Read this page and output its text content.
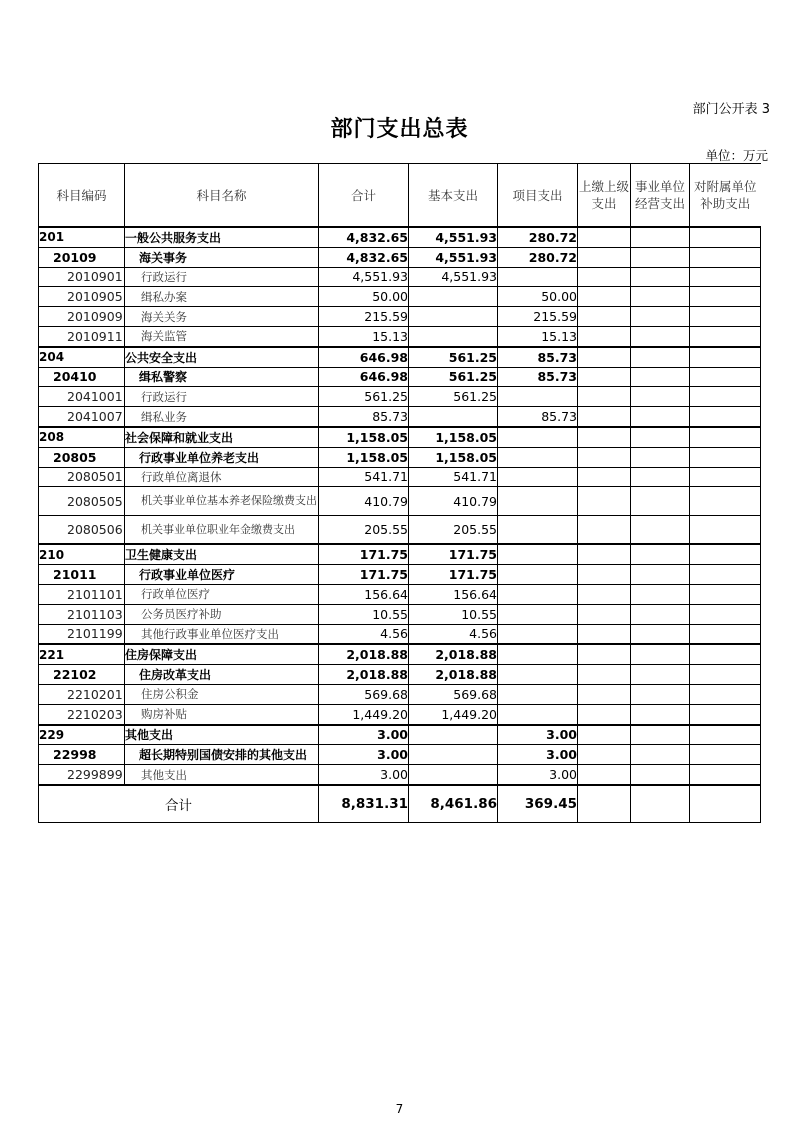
部门公开表 3
部门支出总表
单位：万元
科目编码	科目名称	合计	基本支出	项目支出	上缴上级支出	事业单位经营支出	对附属单位补助支出
201	一般公共服务支出	4,832.65	4,551.93	280.72			
20109	海关事务	4,832.65	4,551.93	280.72			
2010901	行政运行	4,551.93	4,551.93				
2010905	缉私办案	50.00		50.00			
2010909	海关关务	215.59		215.59			
2010911	海关监管	15.13		15.13			
204	公共安全支出	646.98	561.25	85.73			
20410	缉私警察	646.98	561.25	85.73			
2041001	行政运行	561.25	561.25				
2041007	缉私业务	85.73		85.73			
208	社会保障和就业支出	1,158.05	1,158.05				
20805	行政事业单位养老支出	1,158.05	1,158.05				
2080501	行政单位离退休	541.71	541.71				
2080505	机关事业单位基本养老保险缴费支出	410.79	410.79				
2080506	机关事业单位职业年金缴费支出	205.55	205.55				
210	卫生健康支出	171.75	171.75				
21011	行政事业单位医疗	171.75	171.75				
2101101	行政单位医疗	156.64	156.64				
2101103	公务员医疗补助	10.55	10.55				
2101199	其他行政事业单位医疗支出	4.56	4.56				
221	住房保障支出	2,018.88	2,018.88				
22102	住房改革支出	2,018.88	2,018.88				
2210201	住房公积金	569.68	569.68				
2210203	购房补贴	1,449.20	1,449.20				
229	其他支出	3.00		3.00			
22998	超长期特别国债安排的其他支出	3.00		3.00			
2299899	其他支出	3.00		3.00			
合计		8,831.31	8,461.86	369.45			
7
